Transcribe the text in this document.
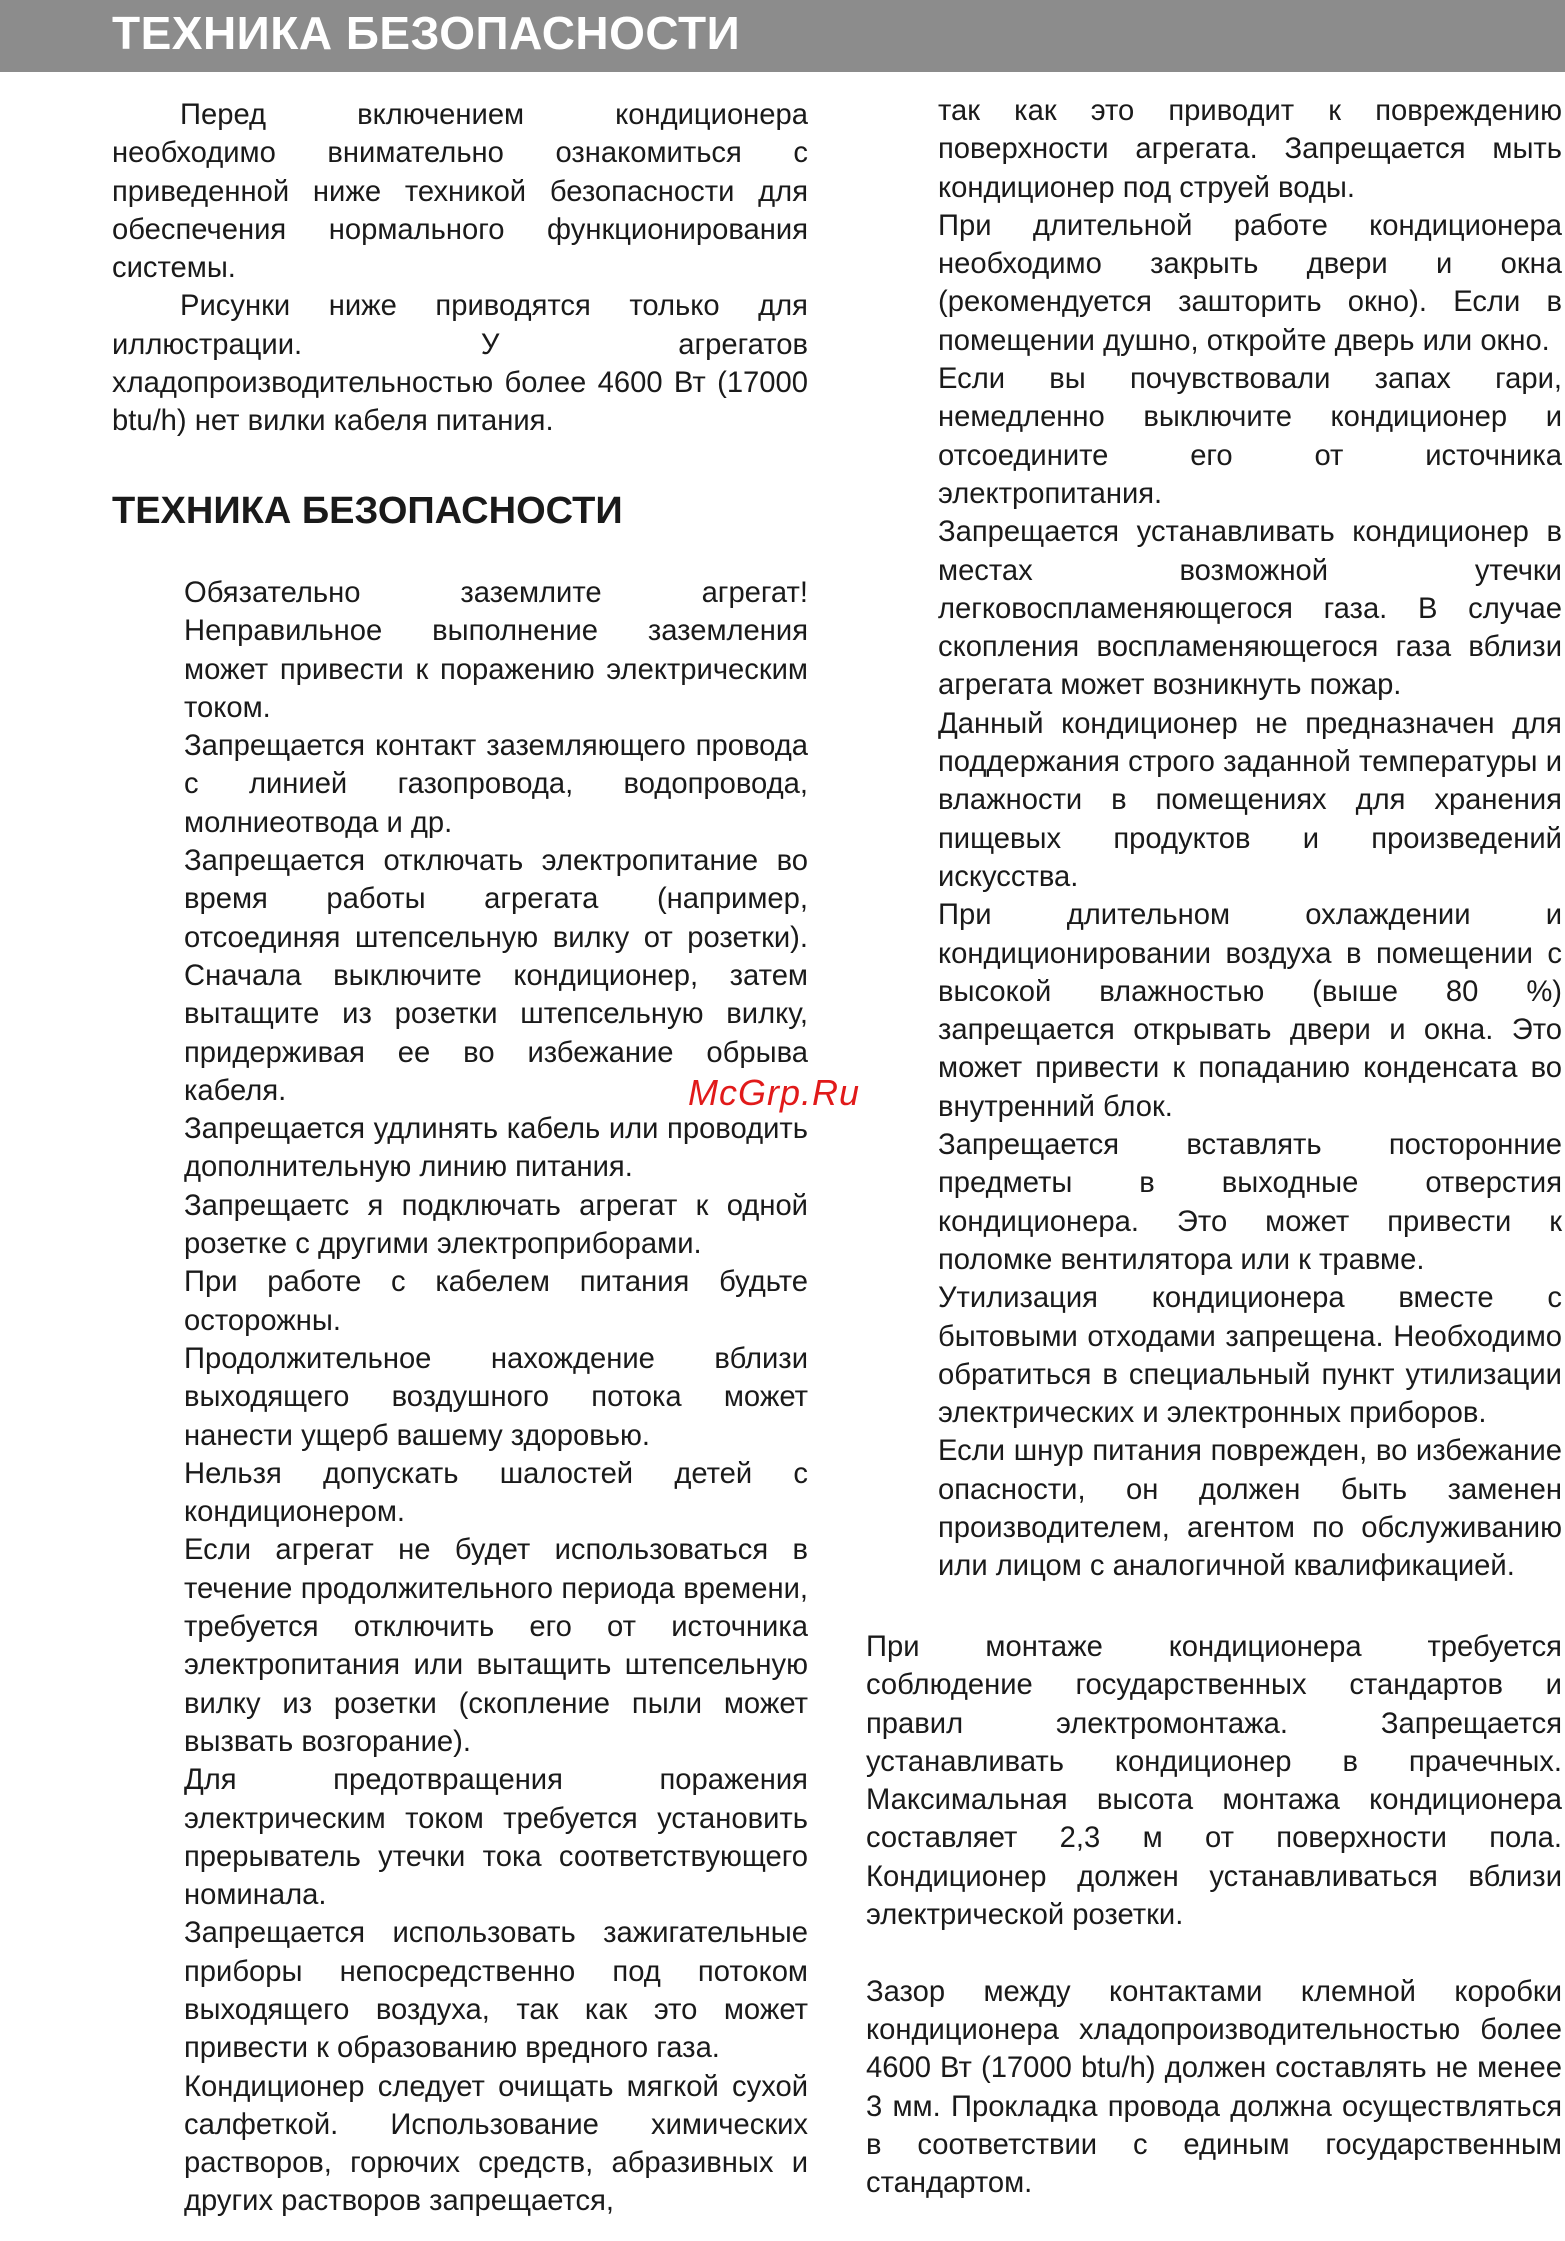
ТЕХНИКА БЕЗОПАСНОСТИ

Перед включением кондиционера необходимо внимательно ознакомиться с приведенной ниже техникой безопасности для обеспечения нормального функционирования системы.

Рисунки ниже приводятся только для иллюстрации. У агрегатов хладопроизводительностью более 4600 Вт (17000 btu/h) нет вилки кабеля питания.

ТЕХНИКА БЕЗОПАСНОСТИ

Обязательно заземлите агрегат! Неправильное выполнение заземления может привести к поражению электрическим током.

Запрещается контакт заземляющего провода с линией газопровода, водопровода, молниеотвода и др.

Запрещается отключать электропитание во время работы агрегата (например, отсоединяя штепсельную вилку от розетки). Сначала выключите кондиционер, затем вытащите из розетки штепсельную вилку, придерживая ее во избежание обрыва кабеля.

Запрещается удлинять кабель или проводить дополнительную линию питания.

Запрещаетс я подключать агрегат к одной розетке с другими электроприборами.

При работе с кабелем питания будьте осторожны.

Продолжительное нахождение вблизи выходящего воздушного потока может нанести ущерб вашему здоровью.

Нельзя допускать шалостей детей с кондиционером.

Если агрегат не будет использоваться в течение продолжительного периода времени, требуется отключить его от источника электропитания или вытащить штепсельную вилку из розетки (скопление пыли может вызвать возгорание).

Для предотвращения поражения электрическим током требуется установить прерыватель утечки тока соответствующего номинала.

Запрещается использовать зажигательные приборы непосредственно под потоком выходящего воздуха, так как это может привести к образованию вредного газа.

Кондиционер следует очищать мягкой сухой салфеткой. Использование химических растворов, горючих средств, абразивных и других растворов запрещается,

так как это приводит к повреждению поверхности агрегата. Запрещается мыть кондиционер под струей воды.

При длительной работе кондиционера необходимо закрыть двери и окна (рекомендуется зашторить окно). Если в помещении душно, откройте дверь или окно.

Если вы почувствовали запах гари, немедленно выключите кондиционер и отсоедините его от источника электропитания.

Запрещается устанавливать кондиционер в местах возможной утечки легковоспламеняющегося газа. В случае скопления воспламеняющегося газа вблизи агрегата может возникнуть пожар.

Данный кондиционер не предназначен для поддержания строго заданной температуры и влажности в помещениях для хранения пищевых продуктов и произведений искусства.

При длительном охлаждении и кондиционировании воздуха в помещении с высокой влажностью (выше 80 %) запрещается открывать двери и окна. Это может привести к попаданию конденсата во внутренний блок.

Запрещается вставлять посторонние предметы в выходные отверстия кондиционера. Это может привести к поломке вентилятора или к травме.

Утилизация кондиционера вместе с бытовыми отходами запрещена. Необходимо обратиться в специальный пункт утилизации электрических и электронных приборов.

Если шнур питания поврежден, во избежание опасности, он должен быть заменен производителем, агентом по обслуживанию или лицом с аналогичной квалификацией.

При монтаже кондиционера требуется соблюдение государственных стандартов и правил электромонтажа. Запрещается устанавливать кондиционер в прачечных. Максимальная высота монтажа кондиционера составляет 2,3 м от поверхности пола. Кондиционер должен устанавливаться вблизи электрической розетки.

Зазор между контактами клемной коробки кондиционера хладопроизводительностью более 4600 Вт (17000 btu/h) должен составлять не менее 3 мм. Прокладка провода должна осуществляться в соответствии с единым государственным стандартом.

McGrp.Ru
